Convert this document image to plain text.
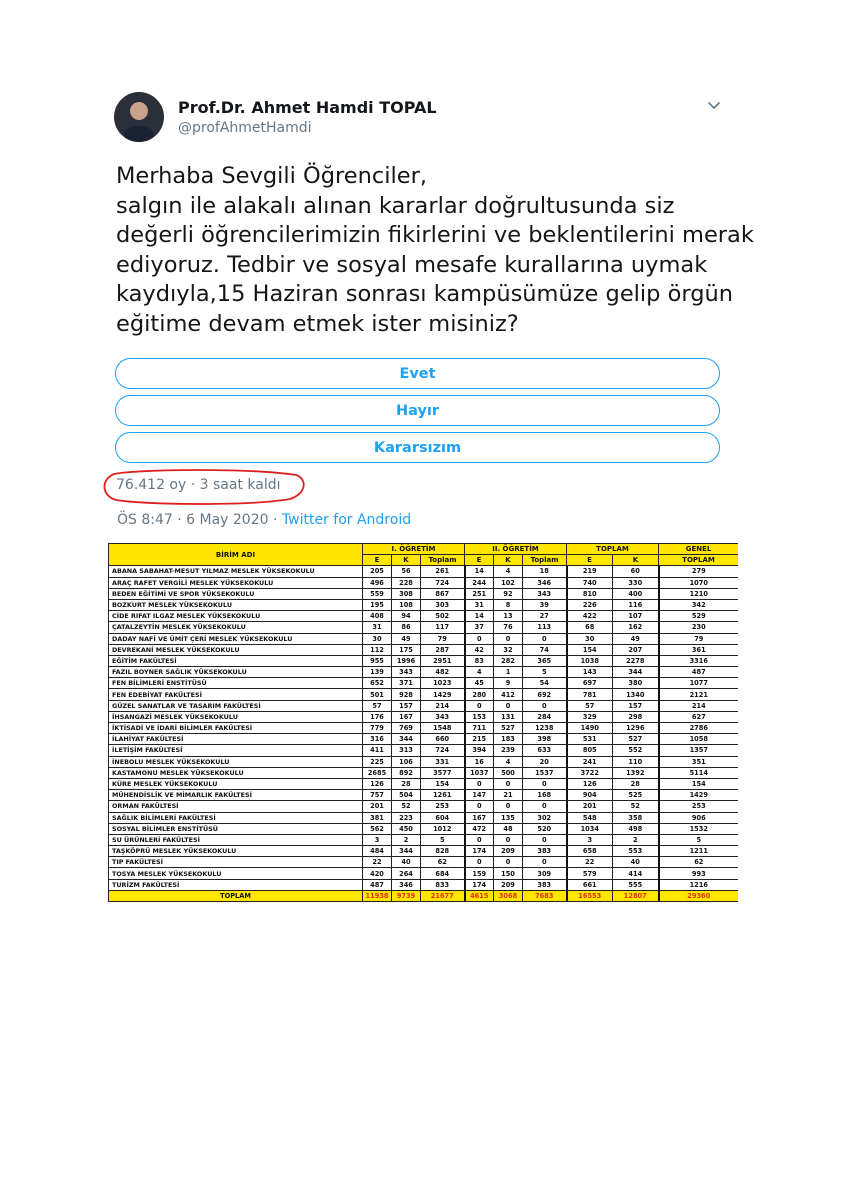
Prof.Dr. Ahmet Hamdi TOPAL
@profAhmetHamdi
Merhaba Sevgili Öğrenciler,
salgın ile alakalı alınan kararlar doğrultusunda siz
değerli öğrencilerimizin fikirlerini ve beklentilerini merak
ediyoruz. Tedbir ve sosyal mesafe kurallarına uymak
kaydıyla,15 Haziran sonrası kampüsümüze gelip örgün
eğitime devam etmek ister misiniz?
Evet
Hayır
Kararsızım
76.412 oy · 3 saat kaldı
ÖS 8:47 · 6 May 2020 · Twitter for Android
BİRİM ADI	I. ÖĞRETİM			II. ÖĞRETİM			TOPLAM		GENEL
	E	K	Toplam	E	K	Toplam	E	K	TOPLAM
ABANA SABAHAT-MESUT YILMAZ MESLEK YÜKSEKOKULU	205	56	261	14	4	18	219	60	279
ARAÇ RAFET VERGİLİ MESLEK YÜKSEKOKULU	496	228	724	244	102	346	740	330	1070
BEDEN EĞİTİMİ VE SPOR YÜKSEKOKULU	559	308	867	251	92	343	810	400	1210
BOZKURT MESLEK YÜKSEKOKULU	195	108	303	31	8	39	226	116	342
CİDE RIFAT ILGAZ MESLEK YÜKSEKOKULU	408	94	502	14	13	27	422	107	529
ÇATALZEYTİN MESLEK YÜKSEKOKULU	31	86	117	37	76	113	68	162	230
DADAY NAFİ VE ÜMİT ÇERİ MESLEK YÜKSEKOKULU	30	49	79	0	0	0	30	49	79
DEVREKANİ MESLEK YÜKSEKOKULU	112	175	287	42	32	74	154	207	361
EĞİTİM FAKÜLTESİ	955	1996	2951	83	282	365	1038	2278	3316
FAZIL BOYNER SAĞLIK YÜKSEKOKULU	139	343	482	4	1	5	143	344	487
FEN BİLİMLERİ ENSTİTÜSÜ	652	371	1023	45	9	54	697	380	1077
FEN EDEBİYAT FAKÜLTESİ	501	928	1429	280	412	692	781	1340	2121
GÜZEL SANATLAR VE TASARIM FAKÜLTESİ	57	157	214	0	0	0	57	157	214
İHSANGAZİ MESLEK YÜKSEKOKULU	176	167	343	153	131	284	329	298	627
İKTİSADİ VE İDARİ BİLİMLER FAKÜLTESİ	779	769	1548	711	527	1238	1490	1296	2786
İLAHİYAT FAKÜLTESİ	316	344	660	215	183	398	531	527	1058
İLETİŞİM FAKÜLTESİ	411	313	724	394	239	633	805	552	1357
İNEBOLU MESLEK YÜKSEKOKULU	225	106	331	16	4	20	241	110	351
KASTAMONU MESLEK YÜKSEKOKULU	2685	892	3577	1037	500	1537	3722	1392	5114
KÜRE MESLEK YÜKSEKOKULU	126	28	154	0	0	0	126	28	154
MÜHENDİSLİK VE MİMARLIK FAKÜLTESİ	757	504	1261	147	21	168	904	525	1429
ORMAN FAKÜLTESİ	201	52	253	0	0	0	201	52	253
SAĞLIK BİLİMLERİ FAKÜLTESİ	381	223	604	167	135	302	548	358	906
SOSYAL BİLİMLER ENSTİTÜSÜ	562	450	1012	472	48	520	1034	498	1532
SU ÜRÜNLERİ FAKÜLTESİ	3	2	5	0	0	0	3	2	5
TAŞKÖPRÜ MESLEK YÜKSEKOKULU	484	344	828	174	209	383	658	553	1211
TIP FAKÜLTESİ	22	40	62	0	0	0	22	40	62
TOSYA MESLEK YÜKSEKOKULU	420	264	684	159	150	309	579	414	993
TURİZM FAKÜLTESİ	487	346	833	174	209	383	661	555	1216
TOPLAM	11938	9739	21677	4615	3068	7683	16553	12807	29360
